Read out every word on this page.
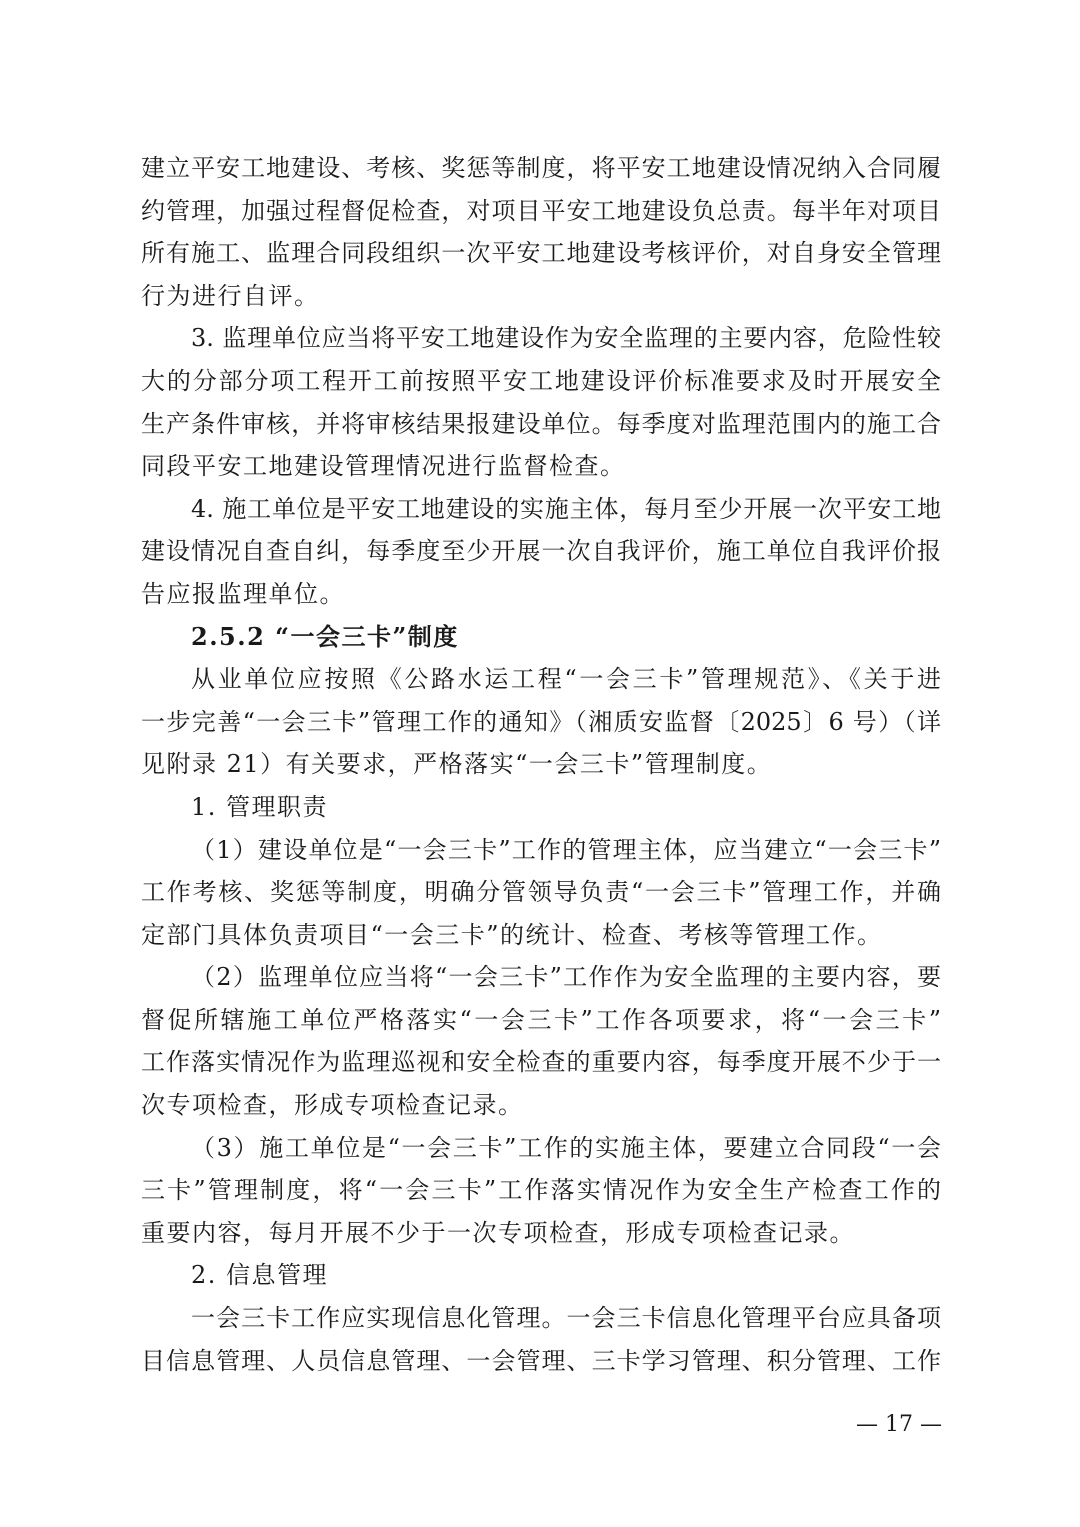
建立平安工地建设、考核、奖惩等制度，将平安工地建设情况纳入合同履
约管理，加强过程督促检查，对项目平安工地建设负总责。每半年对项目
所有施工、监理合同段组织一次平安工地建设考核评价，对自身安全管理
行为进行自评。
3. 监理单位应当将平安工地建设作为安全监理的主要内容，危险性较
大的分部分项工程开工前按照平安工地建设评价标准要求及时开展安全
生产条件审核，并将审核结果报建设单位。每季度对监理范围内的施工合
同段平安工地建设管理情况进行监督检查。
4. 施工单位是平安工地建设的实施主体，每月至少开展一次平安工地
建设情况自查自纠，每季度至少开展一次自我评价，施工单位自我评价报
告应报监理单位。
2.5.2 “一会三卡”制度
从业单位应按照《公路水运工程“一会三卡”管理规范》、《关于进
一步完善“一会三卡”管理工作的通知》（湘质安监督〔2025〕6 号）（详
见附录 21）有关要求，严格落实“一会三卡”管理制度。
1. 管理职责
（1）建设单位是“一会三卡”工作的管理主体，应当建立“一会三卡”
工作考核、奖惩等制度，明确分管领导负责“一会三卡”管理工作，并确
定部门具体负责项目“一会三卡”的统计、检查、考核等管理工作。
（2）监理单位应当将“一会三卡”工作作为安全监理的主要内容，要
督促所辖施工单位严格落实“一会三卡”工作各项要求，将“一会三卡”
工作落实情况作为监理巡视和安全检查的重要内容，每季度开展不少于一
次专项检查，形成专项检查记录。
（3）施工单位是“一会三卡”工作的实施主体，要建立合同段“一会
三卡”管理制度，将“一会三卡”工作落实情况作为安全生产检查工作的
重要内容，每月开展不少于一次专项检查，形成专项检查记录。
2. 信息管理
一会三卡工作应实现信息化管理。一会三卡信息化管理平台应具备项
目信息管理、人员信息管理、一会管理、三卡学习管理、积分管理、工作
— 17 —
